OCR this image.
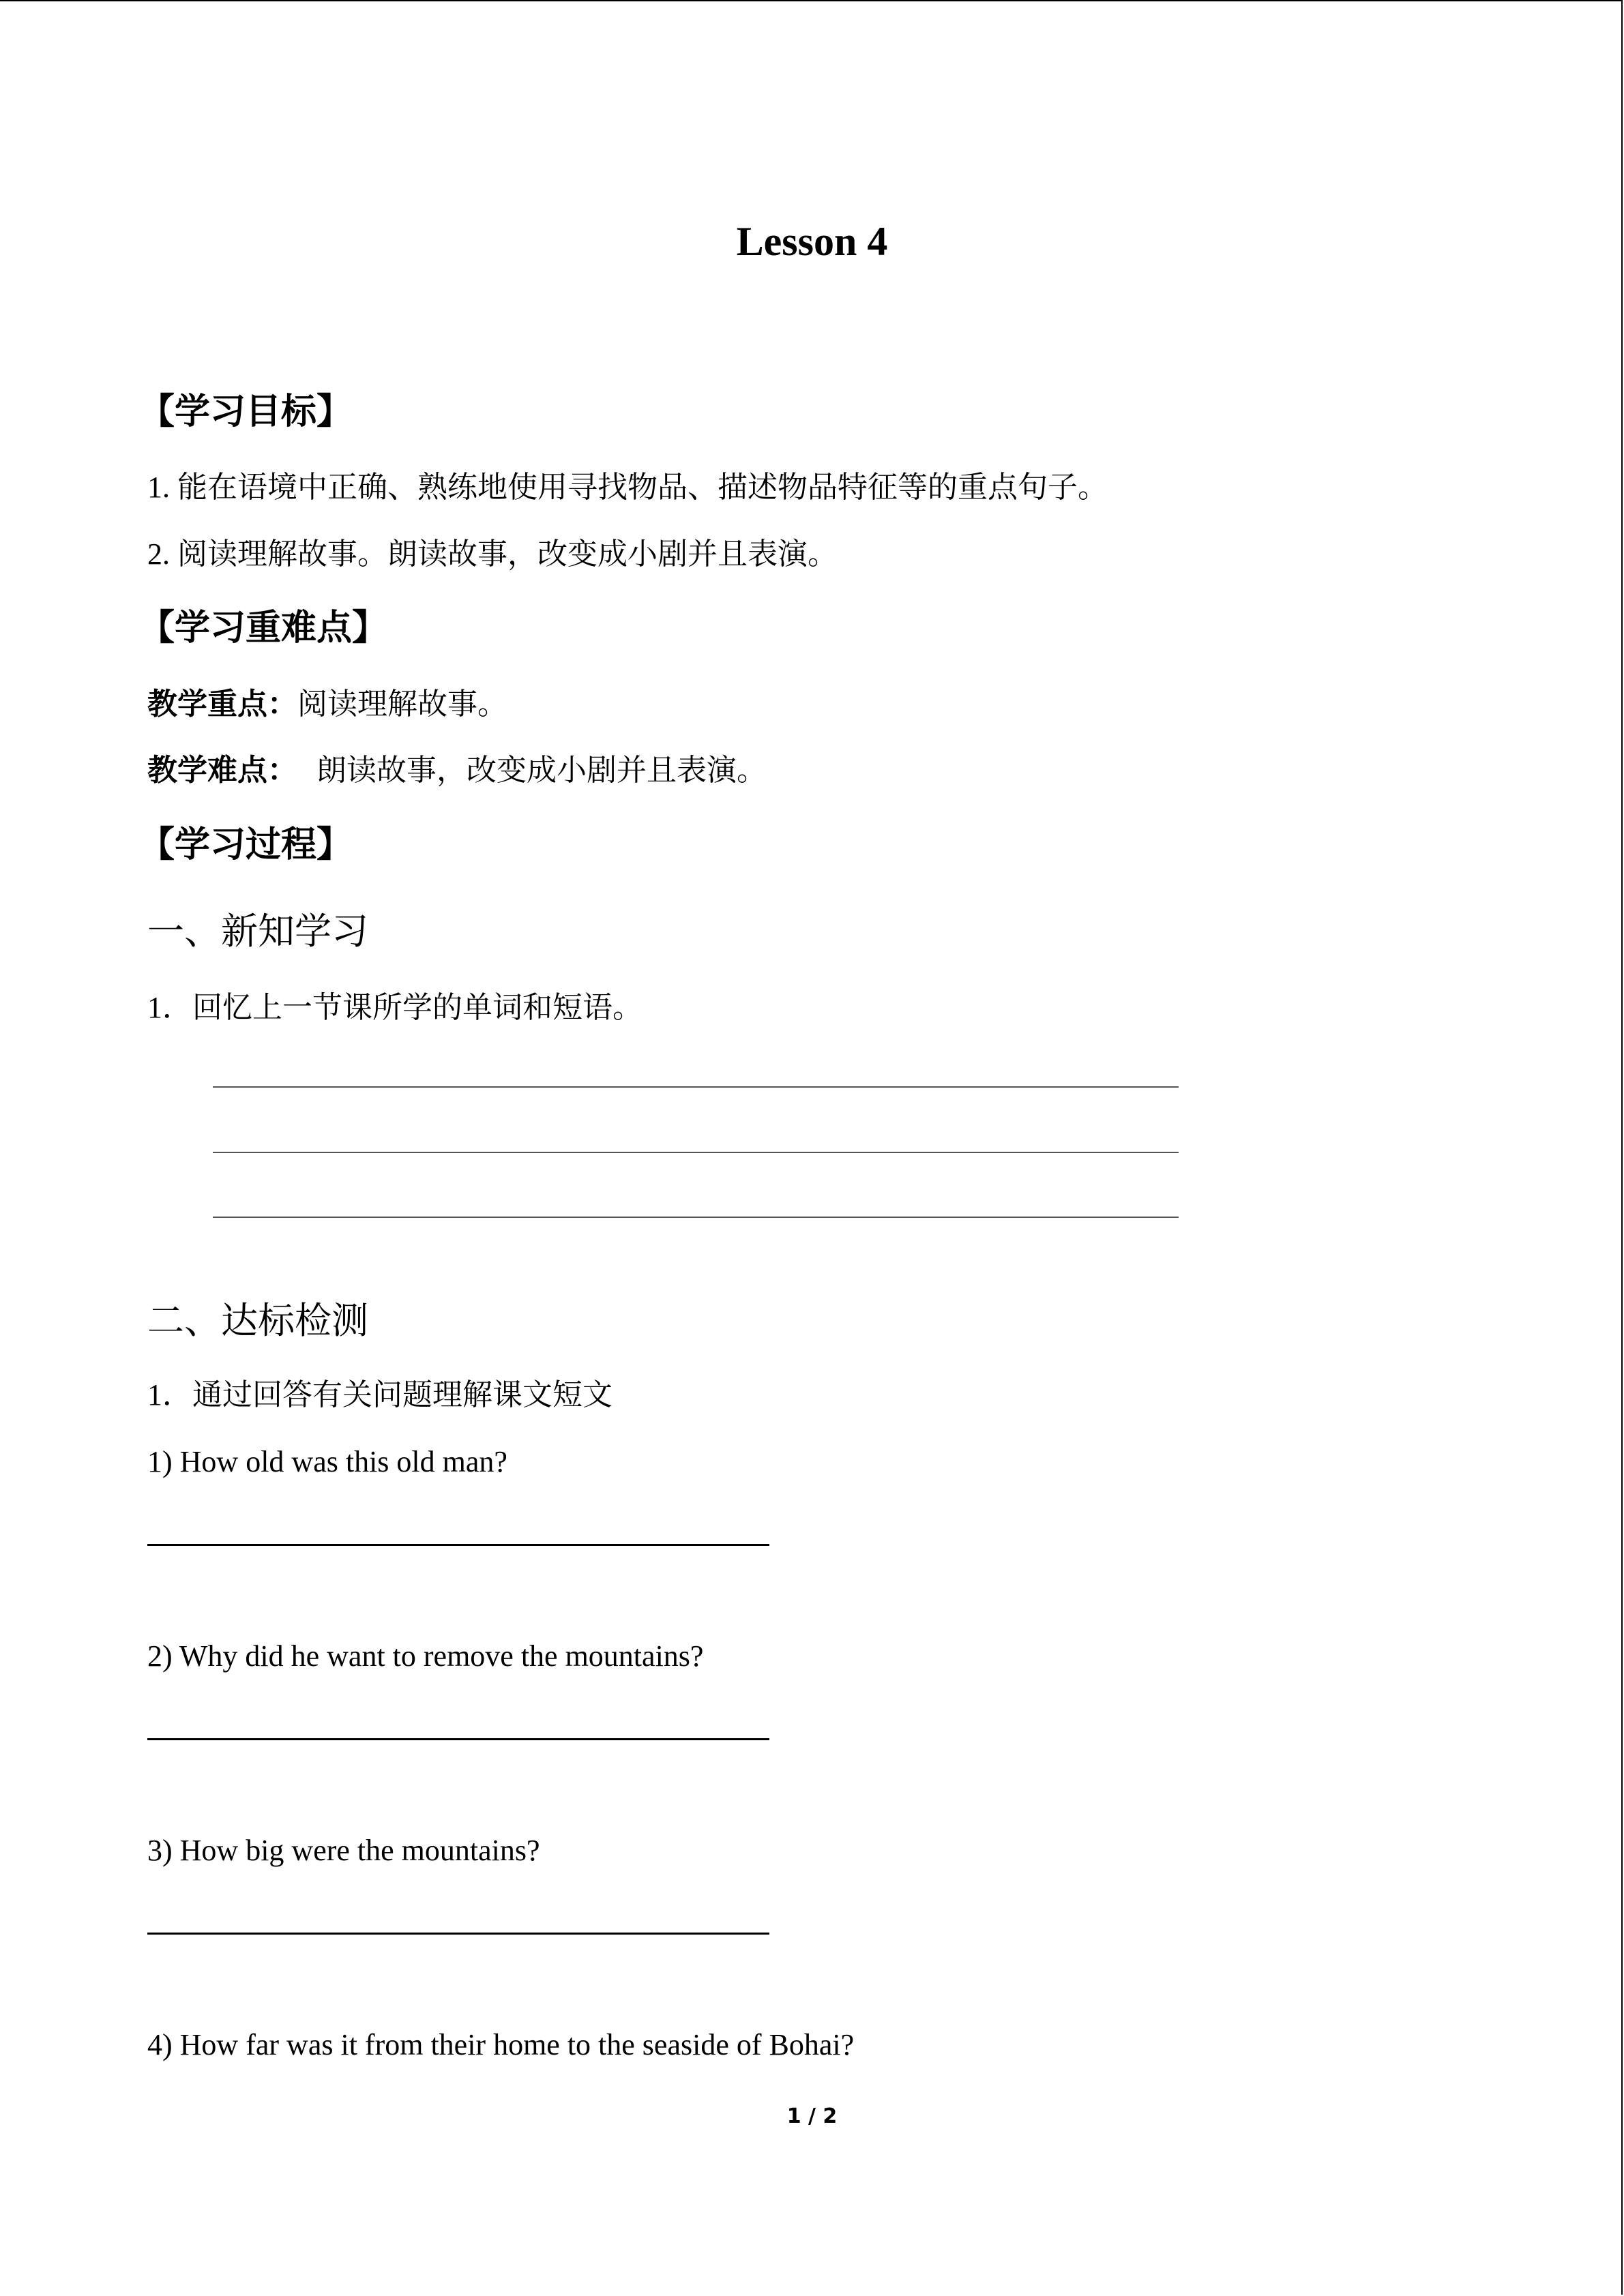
Lesson 4
【学习目标】
1. 能在语境中正确、熟练地使用寻找物品、描述物品特征等的重点句子。
2. 阅读理解故事。朗读故事，改变成小剧并且表演。
【学习重难点】
教学重点：阅读理解故事。
教学难点： 朗读故事，改变成小剧并且表演。
【学习过程】
一、新知学习
1．回忆上一节课所学的单词和短语。
二、达标检测
1．通过回答有关问题理解课文短文
1) How old was this old man?
2) Why did he want to remove the mountains?
3) How big were the mountains?
4) How far was it from their home to the seaside of Bohai?
1 / 2
